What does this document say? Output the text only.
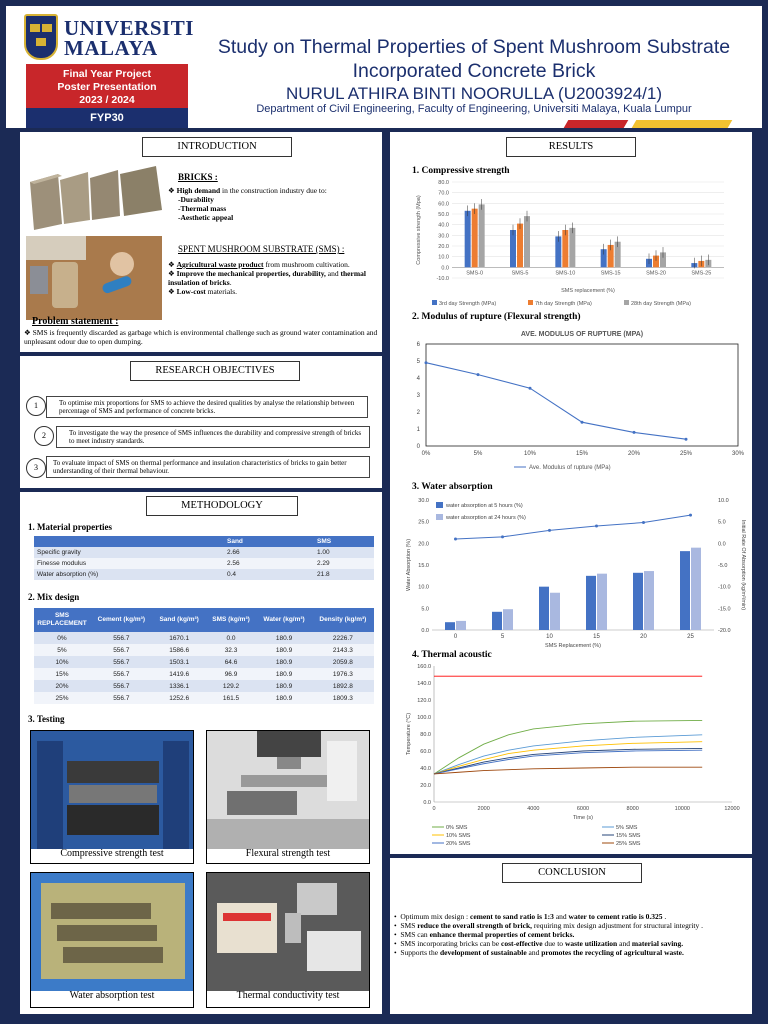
UNIVERSITI
MALAYA
Final Year Project
Poster Presentation
2023 / 2024
FYP30
Study on Thermal Properties of Spent Mushroom Substrate
Incorporated Concrete Brick
NURUL ATHIRA BINTI NOORULLA (U2003924/1)
Department of Civil Engineering, Faculty of Engineering, Universiti Malaya, Kuala Lumpur
INTRODUCTION
BRICKS :
❖ High demand in the construction industry due to:
-Durability
-Thermal mass
-Aesthetic appeal
SPENT MUSHROOM SUBSTRATE (SMS) :
❖ Agricultural waste product from mushroom cultivation.
❖ Improve the mechanical properties, durability, and thermal insulation of bricks.
❖ Low-cost materials.
Problem statement :
❖ SMS is frequently discarded as garbage which is environmental challenge such as ground water contamination and unpleasant odour due to open dumping.
RESEARCH OBJECTIVES
To optimise mix proportions for SMS to achieve the desired qualities by analyse the relationship between percentage of SMS and performance of concrete bricks.
1
To investigate the way the presence of SMS influences the durability and compressive strength of bricks to meet industry standards.
2
To evaluate impact of SMS on thermal performance and insulation characteristics of bricks to gain better understanding of their thermal behaviour.
3
METHODOLOGY
1. Material properties
	Sand	SMS
Specific gravity	2.66	1.00
Finesse modulus	2.56	2.29
Water absorption (%)	0.4	21.8
2. Mix design
SMS REPLACEMENT	Cement (kg/m³)	Sand (kg/m³)	SMS (kg/m³)	Water (kg/m³)	Density (kg/m³)
0%	556.7	1670.1	0.0	180.9	2226.7
5%	556.7	1586.6	32.3	180.9	2143.3
10%	556.7	1503.1	64.6	180.9	2059.8
15%	556.7	1419.6	96.9	180.9	1976.3
20%	556.7	1336.1	129.2	180.9	1892.8
25%	556.7	1252.6	161.5	180.9	1809.3
3. Testing
Compressive strength test	Flexural strength test
Water absorption test	Thermal conductivity test
RESULTS
1. Compressive strength
-10.0
0.0
10.0
20.0
30.0
40.0
50.0
60.0
70.0
80.0
SMS-0	SMS-5	SMS-10	SMS-15	SMS-20	SMS-25
SMS replacement (%)
Compressive strength (Mpa)
3rd day Strength (MPa)	7th day Strength (MPa)	28th day Strength (MPa)
2. Modulus of rupture (Flexural strength)
AVE. MODULUS OF RUPTURE (MPA)
0
1
2
3
4
5
6
0%	5%	10%	15%	20%	25%	30%
Ave. Modulus of rupture (MPa)
3. Water absorption
0.0
5.0
10.0
15.0
20.0
25.0
30.0
-20.0
-15.0
-10.0
-5.0
0.0
5.0
10.0
0	5	10	15	20	25
SMS Replacement (%)
Water Absorption (%)	Initial Rate Of Absorption (kg/m²/min)
water absorption at 5 hours (%)
water absorption at 24 hours (%)
4. Thermal acoustic
0.0
20.0
40.0
60.0
80.0
100.0
120.0
140.0
160.0
0	2000	4000	6000	8000	10000	12000
Time (s)
Temperature (°C)
0% SMS	5% SMS
10% SMS	15% SMS
20% SMS	25% SMS
CONCLUSION
•  Optimum mix design : cement to sand ratio is 1:3 and water to cement ratio is 0.325 .
•  SMS reduce the overall strength of brick, requiring mix design adjustment for structural integrity .
•  SMS can enhance thermal properties of cement bricks.
•  SMS incorporating bricks can be cost-effective due to waste utilization and material saving.
•  Supports the development of sustainable and promotes the recycling of agricultural waste.
